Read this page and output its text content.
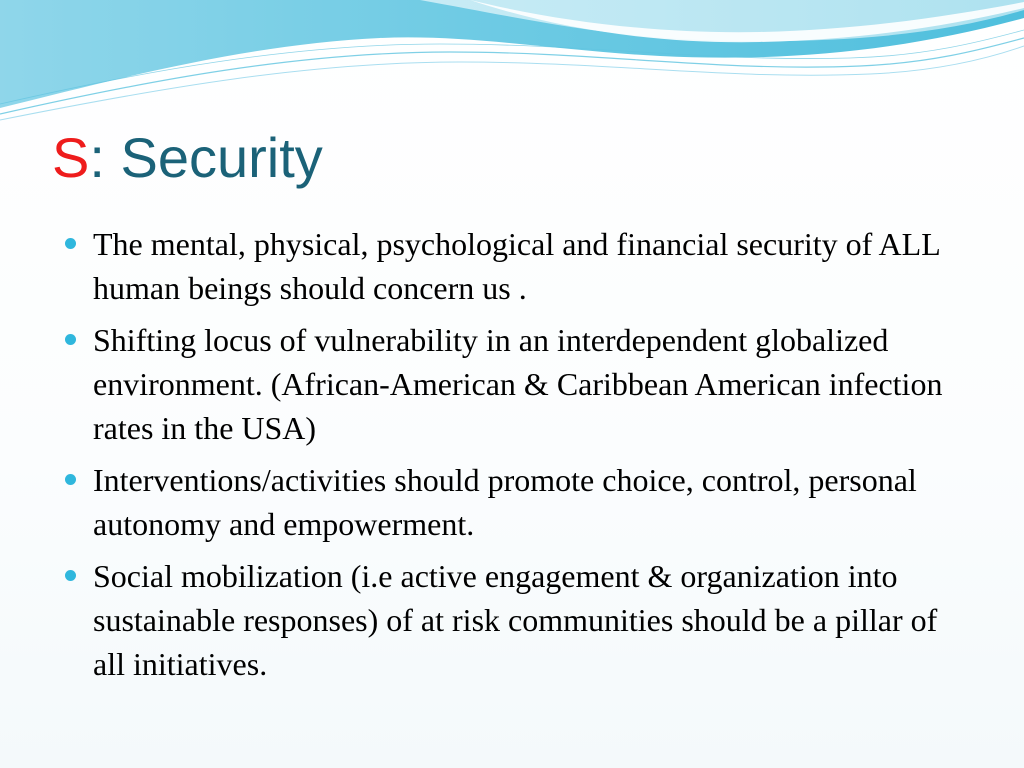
S: Security
The mental, physical, psychological and financial security of ALL human beings should concern us .
Shifting locus of vulnerability in an interdependent globalized environment. (African-American & Caribbean American infection rates in the USA)
Interventions/activities should promote choice, control, personal autonomy and empowerment.
Social mobilization (i.e active engagement & organization into sustainable responses) of at risk communities should be a pillar of all initiatives.
